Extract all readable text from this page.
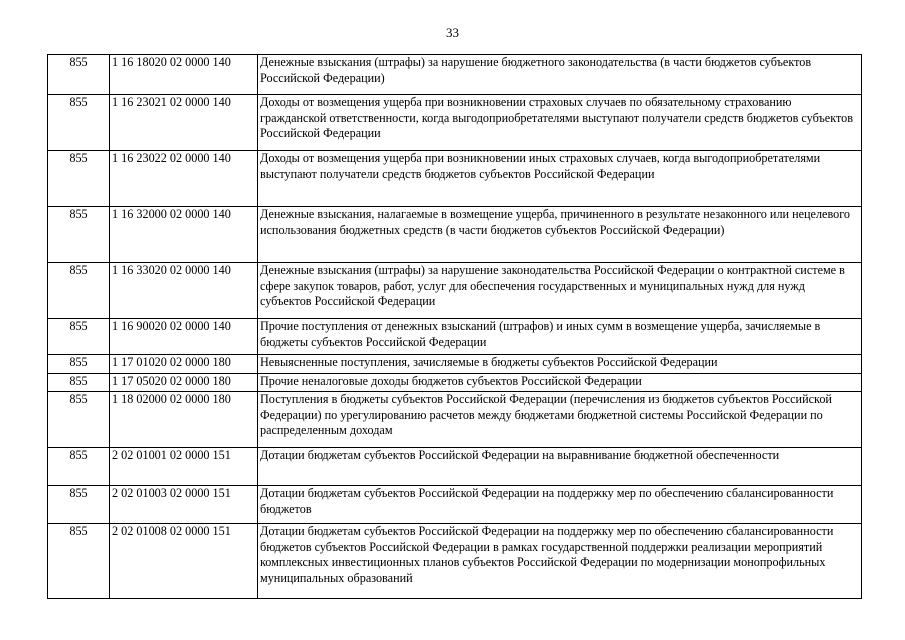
33
855	1 16 18020 02 0000 140	Денежные взыскания (штрафы) за нарушение бюджетного законодательства (в части бюджетов субъектов Российской Федерации)
855	1 16 23021 02 0000 140	Доходы от возмещения ущерба при возникновении страховых случаев по обязательному страхованию гражданской ответственности, когда выгодоприобретателями выступают получатели средств бюджетов субъектов Российской Федерации
855	1 16 23022 02 0000 140	Доходы от возмещения ущерба при возникновении иных страховых случаев, когда выгодоприобретателями выступают получатели средств бюджетов субъектов Российской Федерации
855	1 16 32000 02 0000 140	Денежные взыскания, налагаемые в возмещение ущерба, причиненного в результате незаконного или нецелевого использования бюджетных средств (в части бюджетов субъектов Российской Федерации)
855	1 16 33020 02 0000 140	Денежные взыскания (штрафы) за нарушение законодательства Российской Федерации о контрактной системе в сфере закупок товаров, работ, услуг для обеспечения государственных и муниципальных нужд для нужд субъектов Российской Федерации
855	1 16 90020 02 0000 140	Прочие поступления от денежных взысканий (штрафов) и иных сумм в возмещение ущерба, зачисляемые в бюджеты субъектов Российской Федерации
855	1 17 01020 02 0000 180	Невыясненные поступления, зачисляемые в бюджеты субъектов Российской Федерации
855	1 17 05020 02 0000 180	Прочие неналоговые доходы бюджетов субъектов Российской Федерации
855	1 18 02000 02 0000 180	Поступления в бюджеты субъектов Российской Федерации (перечисления из бюджетов субъектов Российской Федерации) по урегулированию расчетов между бюджетами бюджетной системы Российской Федерации по распределенным доходам
855	2 02 01001 02 0000 151	Дотации бюджетам субъектов Российской Федерации на выравнивание бюджетной обеспеченности
855	2 02 01003 02 0000 151	Дотации бюджетам субъектов Российской Федерации на поддержку мер по обеспечению сбалансированности бюджетов
855	2 02 01008 02 0000 151	Дотации бюджетам субъектов Российской Федерации на поддержку мер по обеспечению сбалансированности бюджетов субъектов Российской Федерации в рамках государственной поддержки реализации мероприятий комплексных инвестиционных планов субъектов Российской Федерации по модернизации монопрофильных муниципальных образований
